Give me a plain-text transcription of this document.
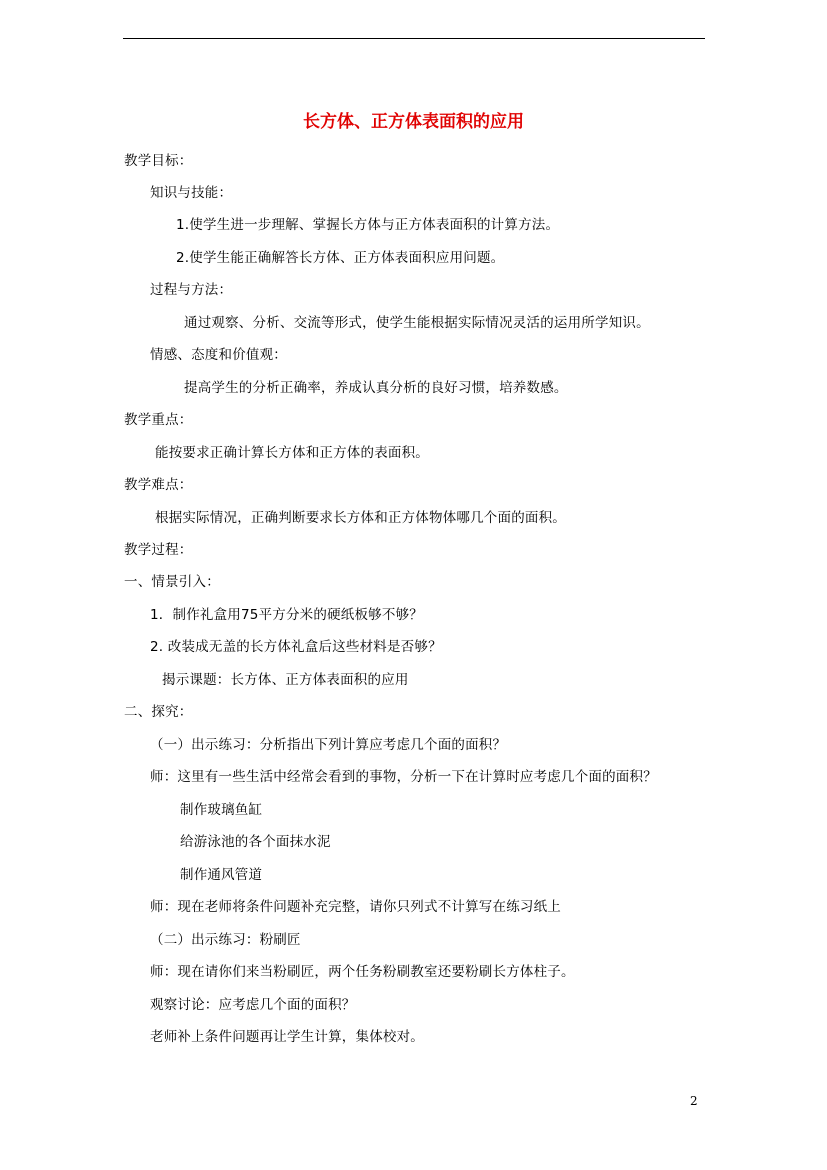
长方体、正方体表面积的应用
教学目标：
知识与技能：
1.使学生进一步理解、掌握长方体与正方体表面积的计算方法。
2.使学生能正确解答长方体、正方体表面积应用问题。
过程与方法：
通过观察、分析、交流等形式，使学生能根据实际情况灵活的运用所学知识。
情感、态度和价值观：
提高学生的分析正确率，养成认真分析的良好习惯，培养数感。
教学重点：
能按要求正确计算长方体和正方体的表面积。
教学难点：
根据实际情况，正确判断要求长方体和正方体物体哪几个面的面积。
教学过程：
一、情景引入：
1．制作礼盒用75平方分米的硬纸板够不够？
2. 改装成无盖的长方体礼盒后这些材料是否够？
揭示课题：长方体、正方体表面积的应用
二、探究：
（一）出示练习：分析指出下列计算应考虑几个面的面积？
师：这里有一些生活中经常会看到的事物，分析一下在计算时应考虑几个面的面积？
制作玻璃鱼缸
给游泳池的各个面抹水泥
制作通风管道
师：现在老师将条件问题补充完整，请你只列式不计算写在练习纸上
（二）出示练习：粉刷匠
师：现在请你们来当粉刷匠，两个任务粉刷教室还要粉刷长方体柱子。
观察讨论：应考虑几个面的面积？
老师补上条件问题再让学生计算，集体校对。
2
